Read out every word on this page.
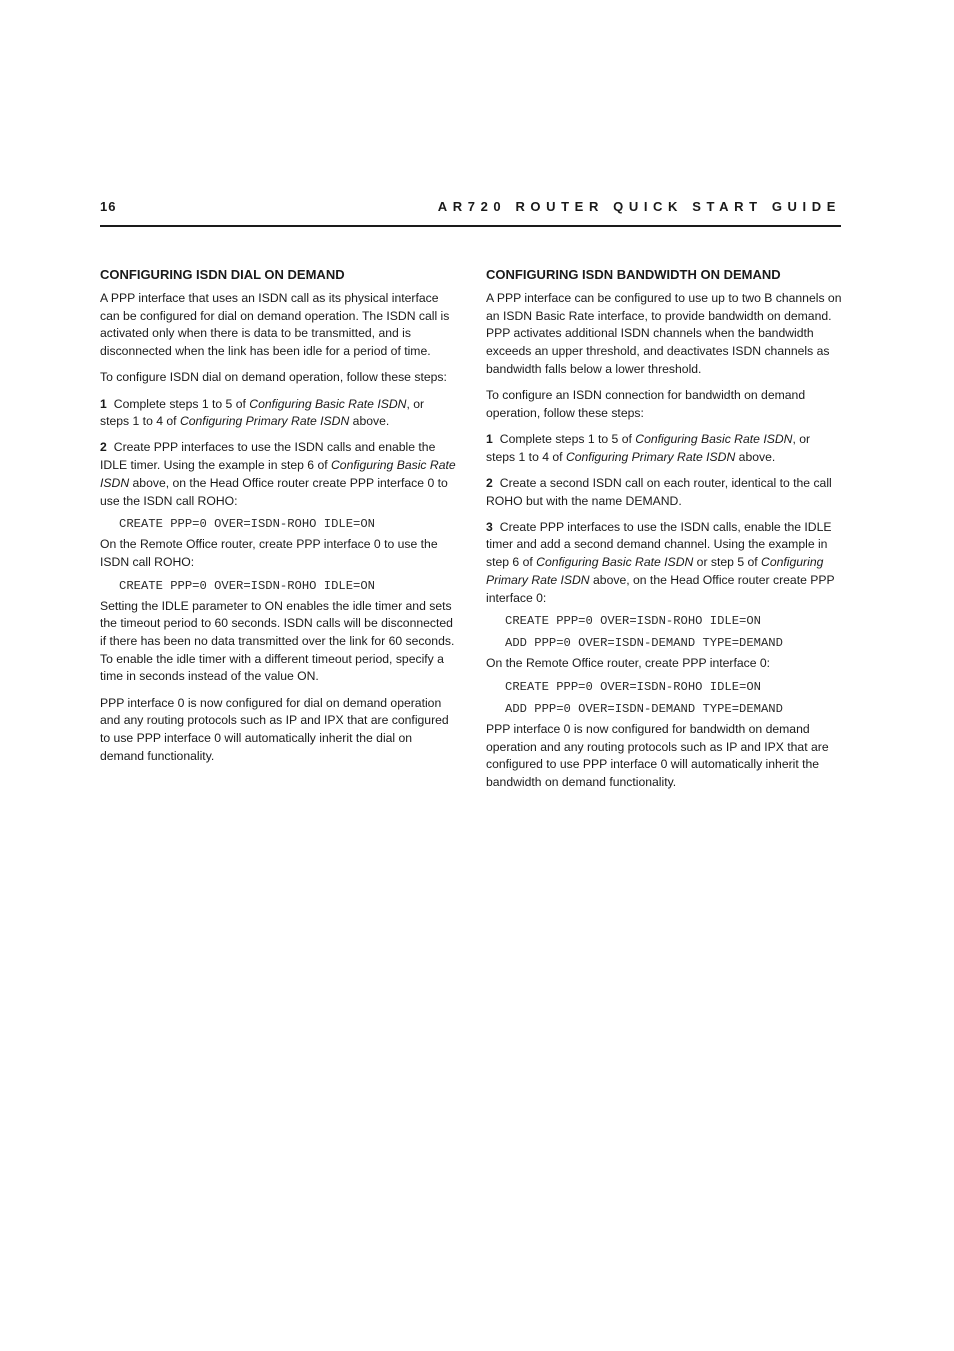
16	AR720 ROUTER QUICK START GUIDE
CONFIGURING ISDN DIAL ON DEMAND

A PPP interface that uses an ISDN call as its physical interface can be configured for dial on demand operation. The ISDN call is activated only when there is data to be transmitted, and is disconnected when the link has been idle for a period of time.

To configure ISDN dial on demand operation, follow these steps:

1 Complete steps 1 to 5 of Configuring Basic Rate ISDN, or steps 1 to 4 of Configuring Primary Rate ISDN above.

2 Create PPP interfaces to use the ISDN calls and enable the IDLE timer. Using the example in step 6 of Configuring Basic Rate ISDN above, on the Head Office router create PPP interface 0 to use the ISDN call ROHO:

CREATE PPP=0 OVER=ISDN-ROHO IDLE=ON

On the Remote Office router, create PPP interface 0 to use the ISDN call ROHO:

CREATE PPP=0 OVER=ISDN-ROHO IDLE=ON

Setting the IDLE parameter to ON enables the idle timer and sets the timeout period to 60 seconds. ISDN calls will be disconnected if there has been no data transmitted over the link for 60 seconds. To enable the idle timer with a different timeout period, specify a time in seconds instead of the value ON.

PPP interface 0 is now configured for dial on demand operation and any routing protocols such as IP and IPX that are configured to use PPP interface 0 will automatically inherit the dial on demand functionality.

CONFIGURING ISDN BANDWIDTH ON DEMAND

A PPP interface can be configured to use up to two B channels on an ISDN Basic Rate interface, to provide bandwidth on demand. PPP activates additional ISDN channels when the bandwidth exceeds an upper threshold, and deactivates ISDN channels as bandwidth falls below a lower threshold.

To configure an ISDN connection for bandwidth on demand operation, follow these steps:

1 Complete steps 1 to 5 of Configuring Basic Rate ISDN, or steps 1 to 4 of Configuring Primary Rate ISDN above.

2 Create a second ISDN call on each router, identical to the call ROHO but with the name DEMAND.

3 Create PPP interfaces to use the ISDN calls, enable the IDLE timer and add a second demand channel. Using the example in step 6 of Configuring Basic Rate ISDN or step 5 of Configuring Primary Rate ISDN above, on the Head Office router create PPP interface 0:

CREATE PPP=0 OVER=ISDN-ROHO IDLE=ON
ADD PPP=0 OVER=ISDN-DEMAND TYPE=DEMAND

On the Remote Office router, create PPP interface 0:

CREATE PPP=0 OVER=ISDN-ROHO IDLE=ON
ADD PPP=0 OVER=ISDN-DEMAND TYPE=DEMAND

PPP interface 0 is now configured for bandwidth on demand operation and any routing protocols such as IP and IPX that are configured to use PPP interface 0 will automatically inherit the bandwidth on demand functionality.
